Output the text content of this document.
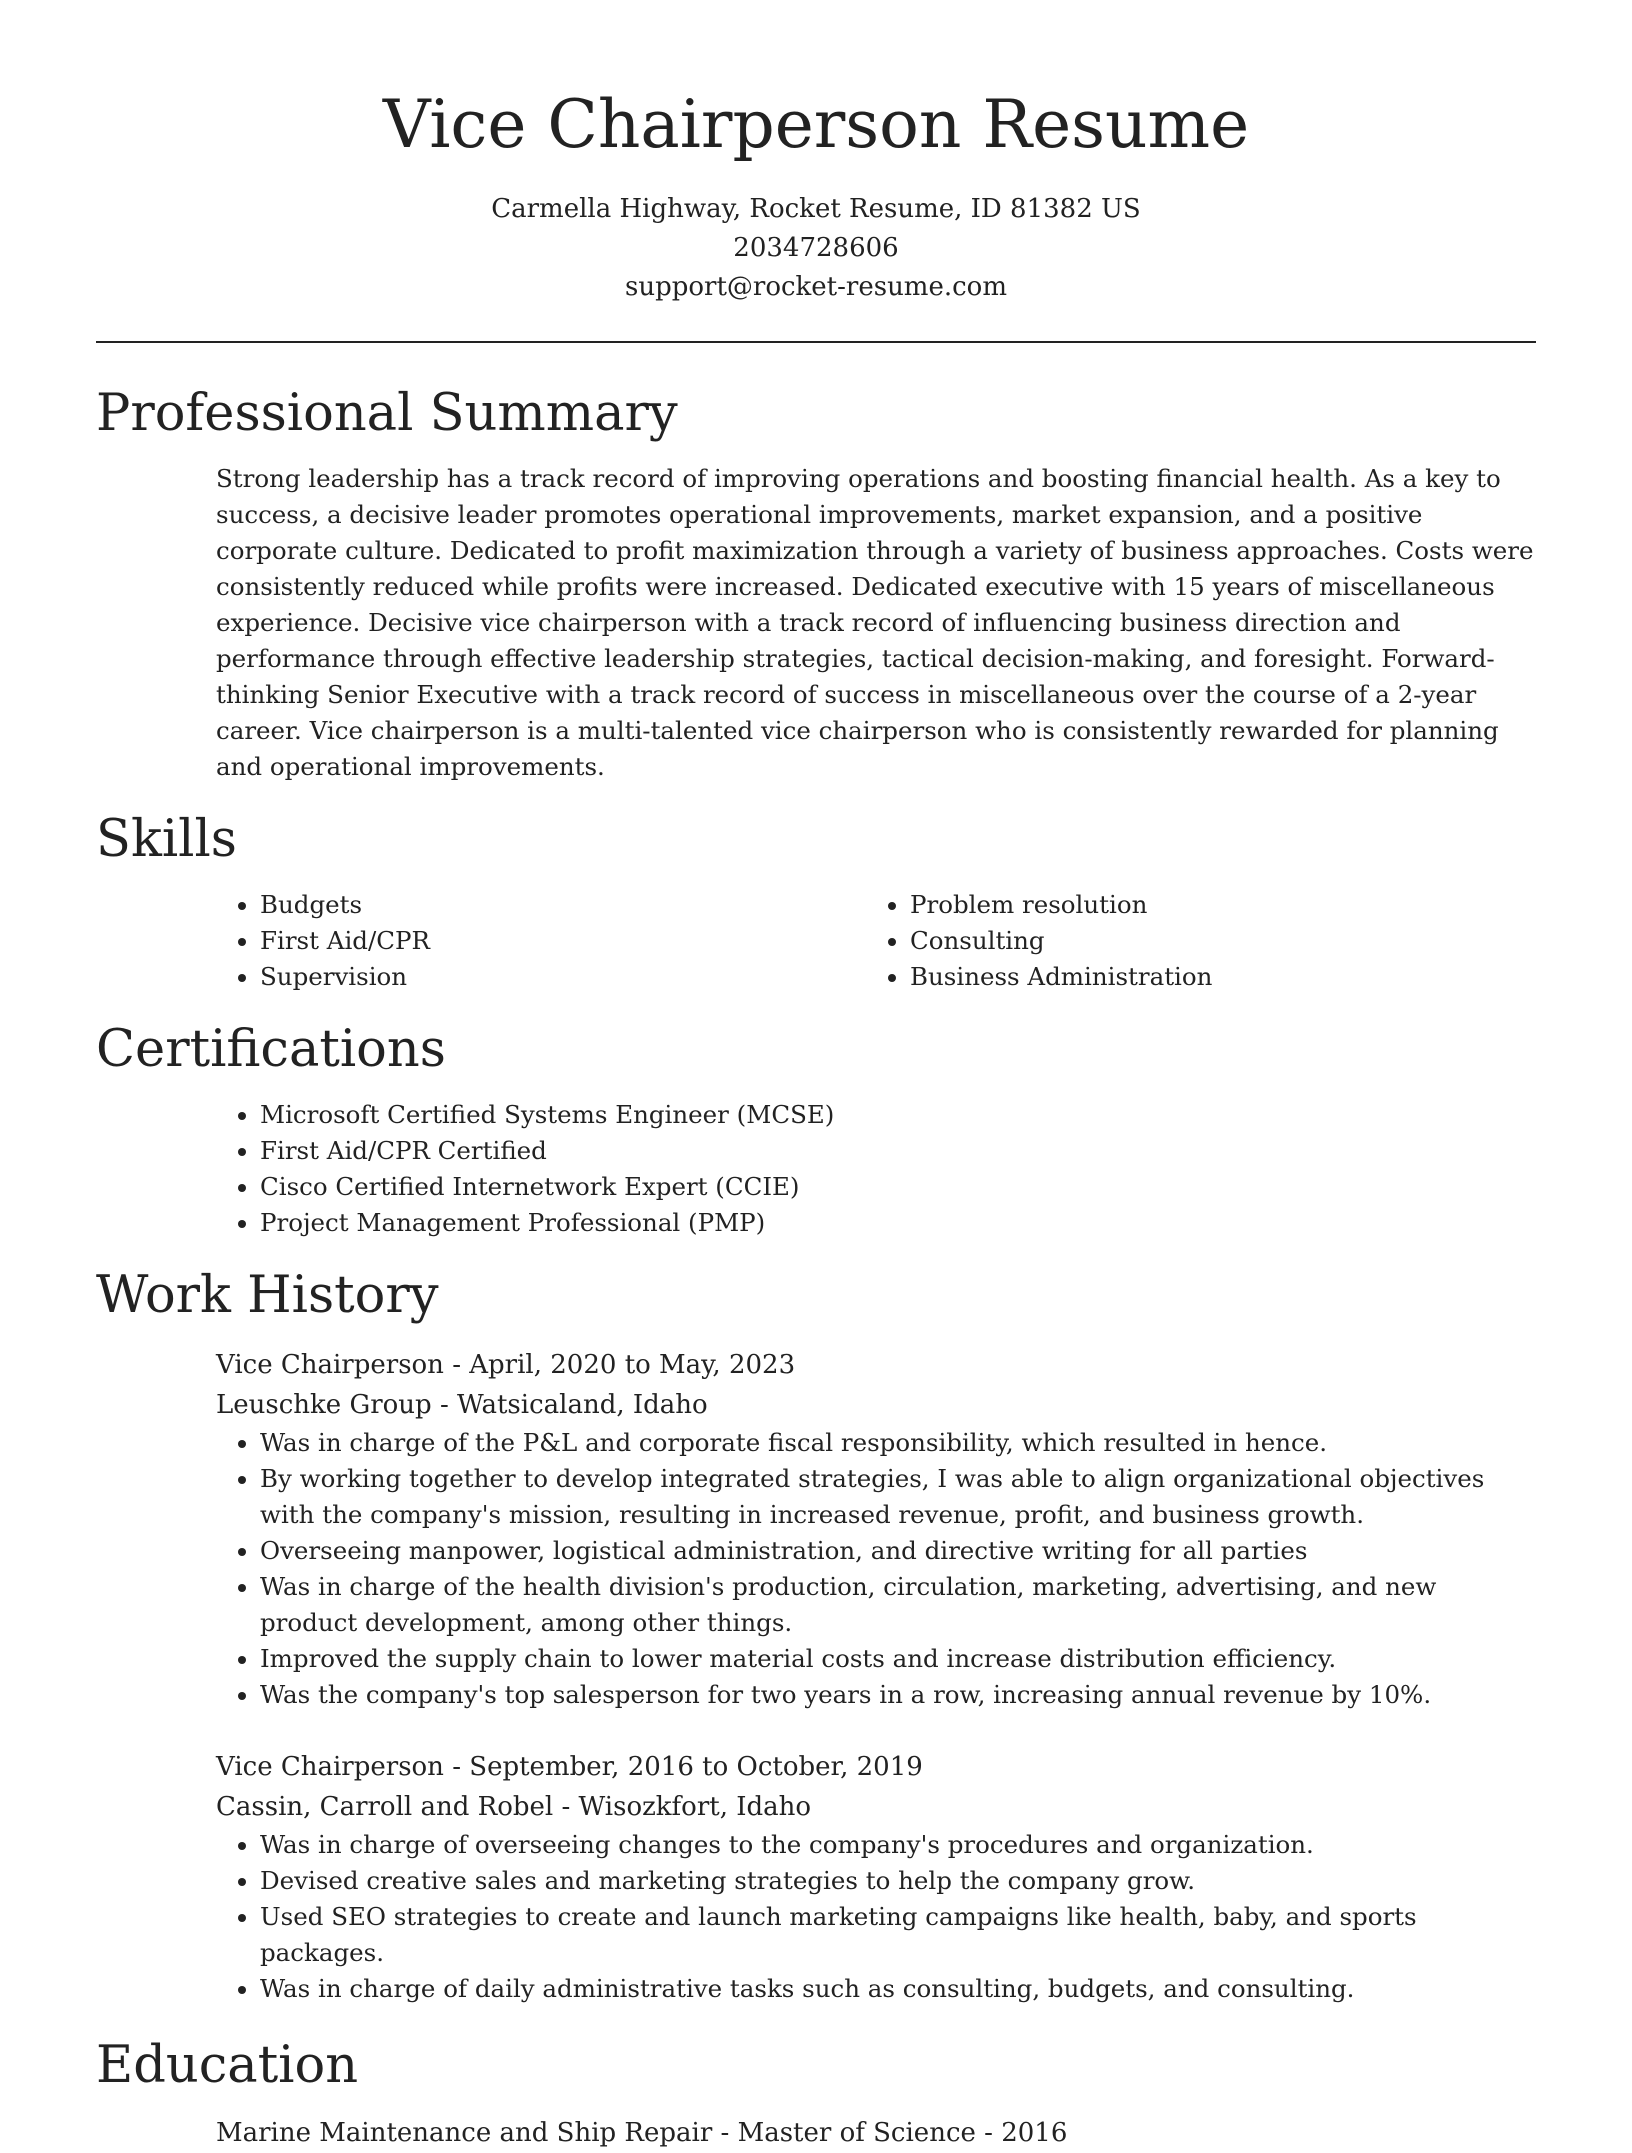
Vice Chairperson Resume
Carmella Highway, Rocket Resume, ID 81382 US
2034728606
support@rocket-resume.com
Professional Summary

Strong leadership has a track record of improving operations and boosting financial health. As a key to success, a decisive leader promotes operational improvements, market expansion, and a positive corporate culture. Dedicated to profit maximization through a variety of business approaches. Costs were consistently reduced while profits were increased. Dedicated executive with 15 years of miscellaneous experience. Decisive vice chairperson with a track record of influencing business direction and performance through effective leadership strategies, tactical decision-making, and foresight. Forward-thinking Senior Executive with a track record of success in miscellaneous over the course of a 2-year career. Vice chairperson is a multi-talented vice chairperson who is consistently rewarded for planning and operational improvements.

Skills
• Budgets
• First Aid/CPR
• Supervision
• Problem resolution
• Consulting
• Business Administration
Certifications
• Microsoft Certified Systems Engineer (MCSE)
• First Aid/CPR Certified
• Cisco Certified Internetwork Expert (CCIE)
• Project Management Professional (PMP)
Work History
Vice Chairperson - April, 2020 to May, 2023
Leuschke Group - Watsicaland, Idaho
• Was in charge of the P&L and corporate fiscal responsibility, which resulted in hence.
• By working together to develop integrated strategies, I was able to align organizational objectives with the company's mission, resulting in increased revenue, profit, and business growth.
• Overseeing manpower, logistical administration, and directive writing for all parties
• Was in charge of the health division's production, circulation, marketing, advertising, and new product development, among other things.
• Improved the supply chain to lower material costs and increase distribution efficiency.
• Was the company's top salesperson for two years in a row, increasing annual revenue by 10%.
Vice Chairperson - September, 2016 to October, 2019
Cassin, Carroll and Robel - Wisozkfort, Idaho
• Was in charge of overseeing changes to the company's procedures and organization.
• Devised creative sales and marketing strategies to help the company grow.
• Used SEO strategies to create and launch marketing campaigns like health, baby, and sports packages.
• Was in charge of daily administrative tasks such as consulting, budgets, and consulting.
Education
Marine Maintenance and Ship Repair - Master of Science - 2016
